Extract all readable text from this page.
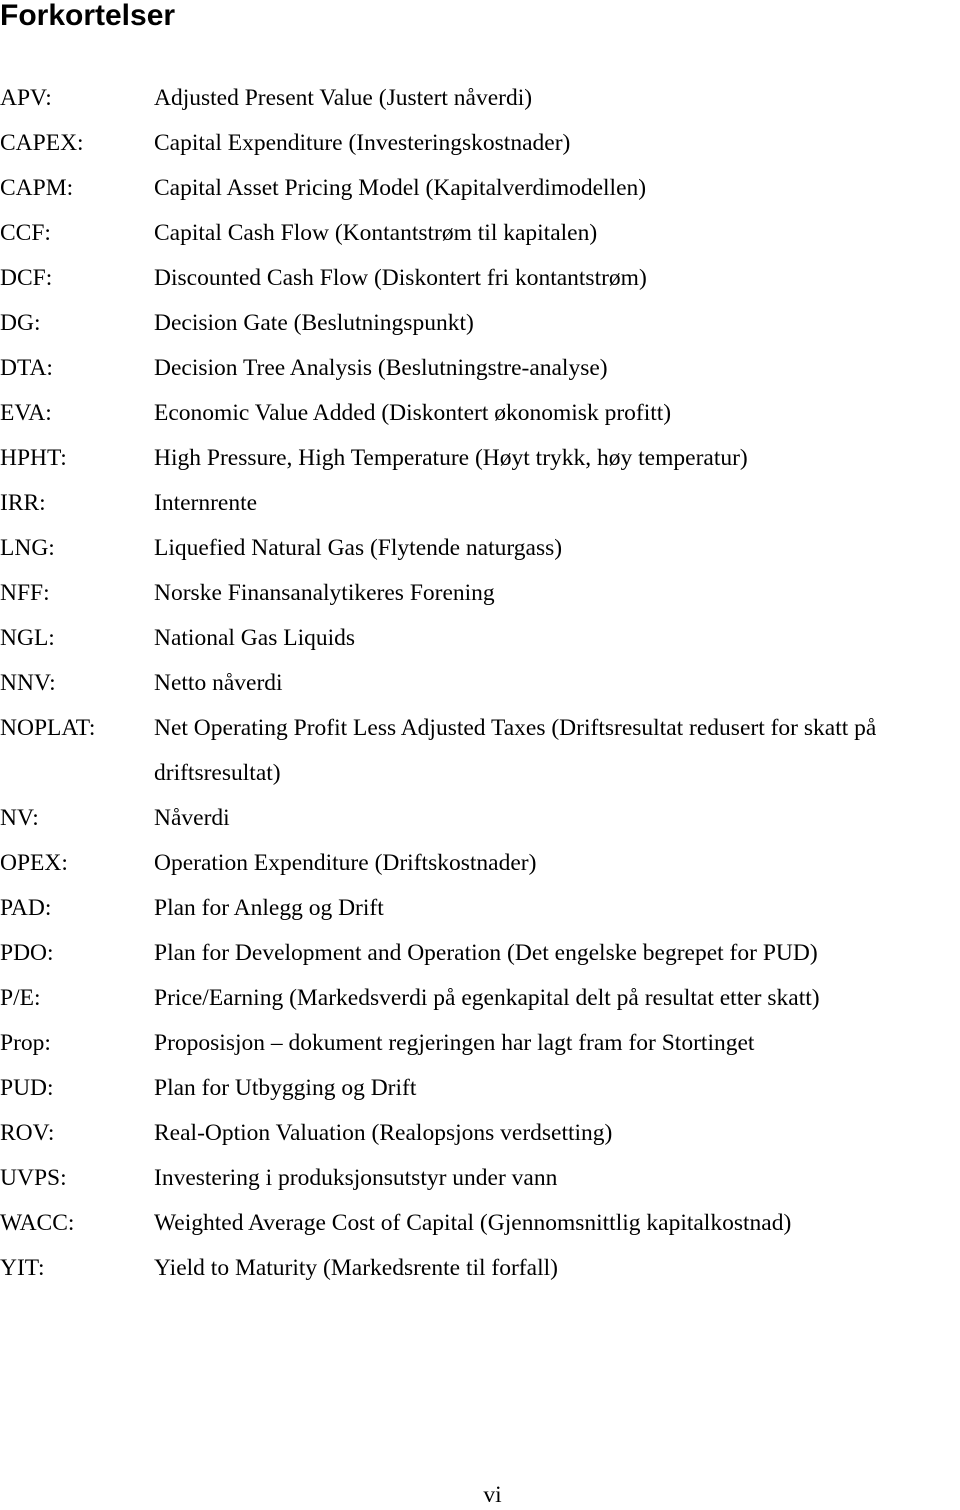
Forkortelser
APV:	Adjusted Present Value (Justert nåverdi)
CAPEX:	Capital Expenditure (Investeringskostnader)
CAPM:	Capital Asset Pricing Model (Kapitalverdimodellen)
CCF:	Capital Cash Flow (Kontantstrøm til kapitalen)
DCF:	Discounted Cash Flow (Diskontert fri kontantstrøm)
DG:	Decision Gate (Beslutningspunkt)
DTA:	Decision Tree Analysis (Beslutningstre-analyse)
EVA:	Economic Value Added (Diskontert økonomisk profitt)
HPHT:	High Pressure, High Temperature (Høyt trykk, høy temperatur)
IRR:	Internrente
LNG:	Liquefied Natural Gas (Flytende naturgass)
NFF:	Norske Finansanalytikeres Forening
NGL:	National Gas Liquids
NNV:	Netto nåverdi
NOPLAT:	Net Operating Profit Less Adjusted Taxes (Driftsresultat redusert for skatt på driftsresultat)
NV:	Nåverdi
OPEX:	Operation Expenditure (Driftskostnader)
PAD:	Plan for Anlegg og Drift
PDO:	Plan for Development and Operation (Det engelske begrepet for PUD)
P/E:	Price/Earning (Markedsverdi på egenkapital delt på resultat etter skatt)
Prop:	Proposisjon – dokument regjeringen har lagt fram for Stortinget
PUD:	Plan for Utbygging og Drift
ROV:	Real-Option Valuation (Realopsjons verdsetting)
UVPS:	Investering i produksjonsutstyr under vann
WACC:	Weighted Average Cost of Capital (Gjennomsnittlig kapitalkostnad)
YIT:	Yield to Maturity (Markedsrente til forfall)
vi
